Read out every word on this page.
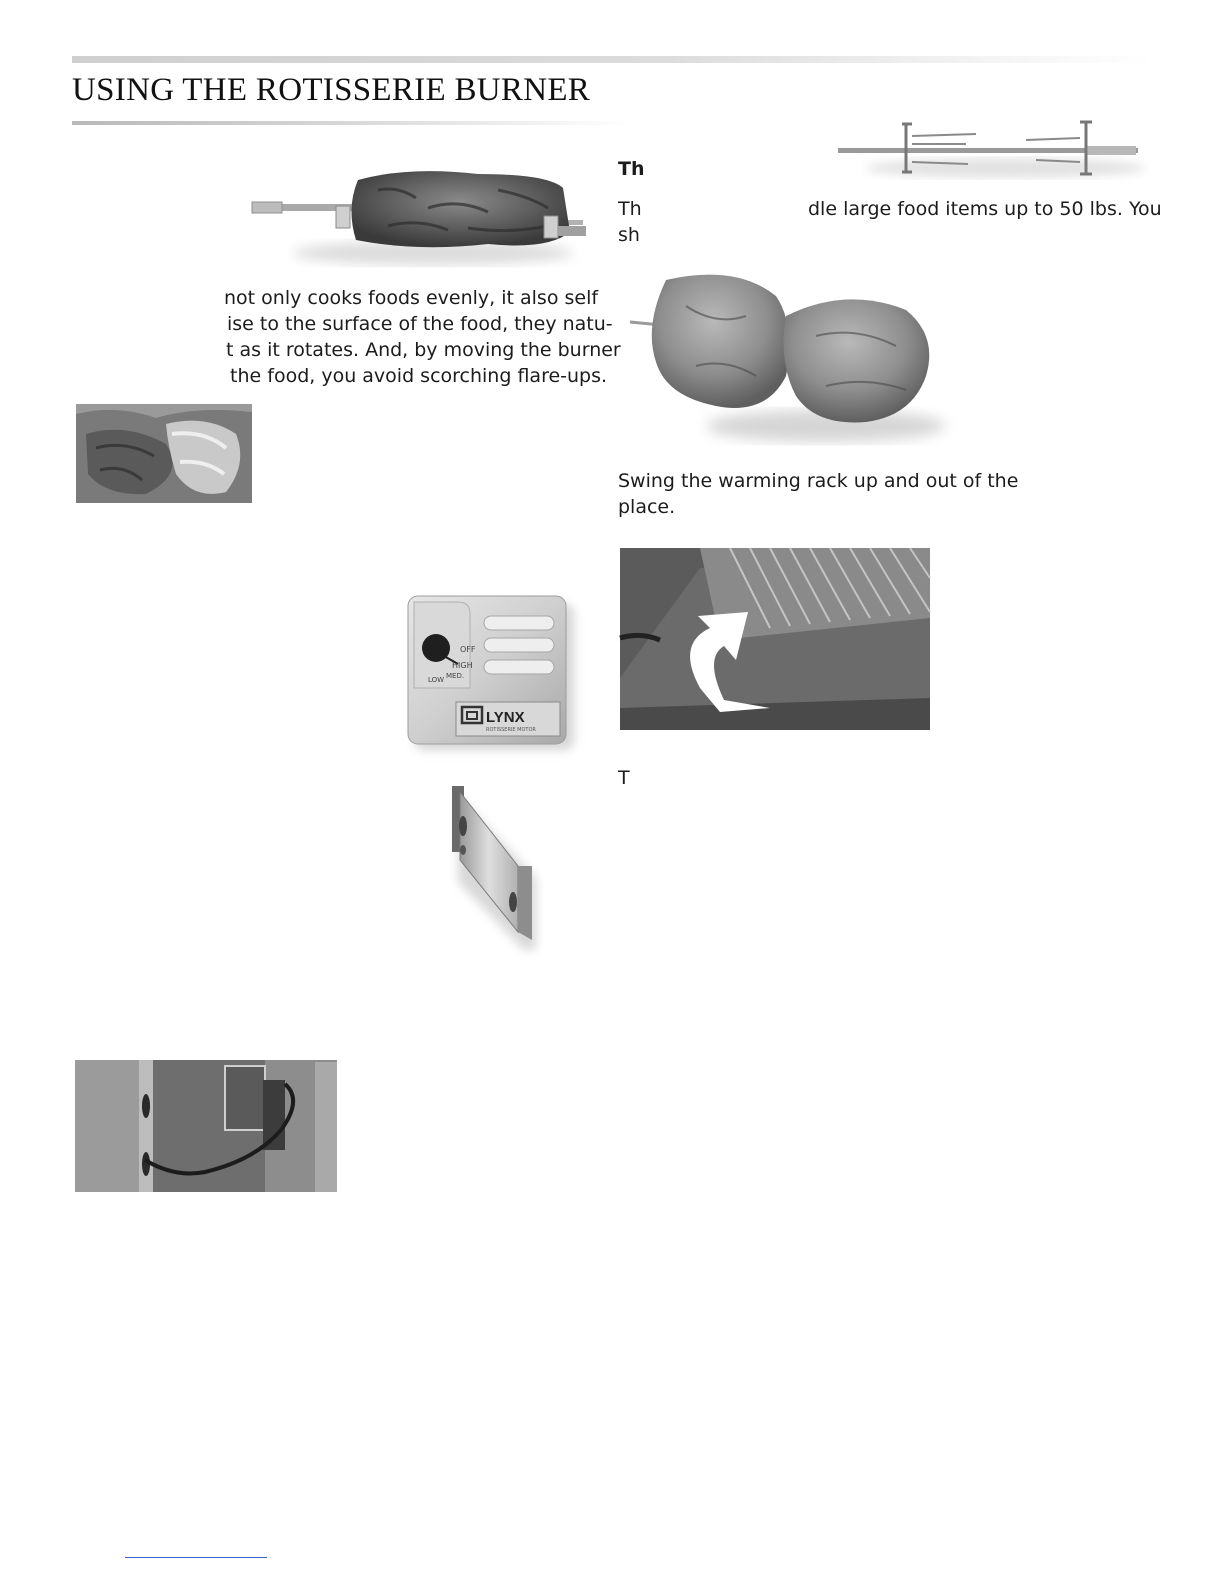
USING THE ROTISSERIE BURNER
not only cooks foods evenly, it also self
ise to the surface of the food, they natu-
t as it rotates. And, by moving the burner
the food, you avoid scorching flare-ups.
OFF
HIGH
MED.
LOW
LYNX
ROTISSERIE MOTOR
Th
Th	dle large food items up to 50 lbs. You
sh
Swing the warming rack up and out of the
place.
T
